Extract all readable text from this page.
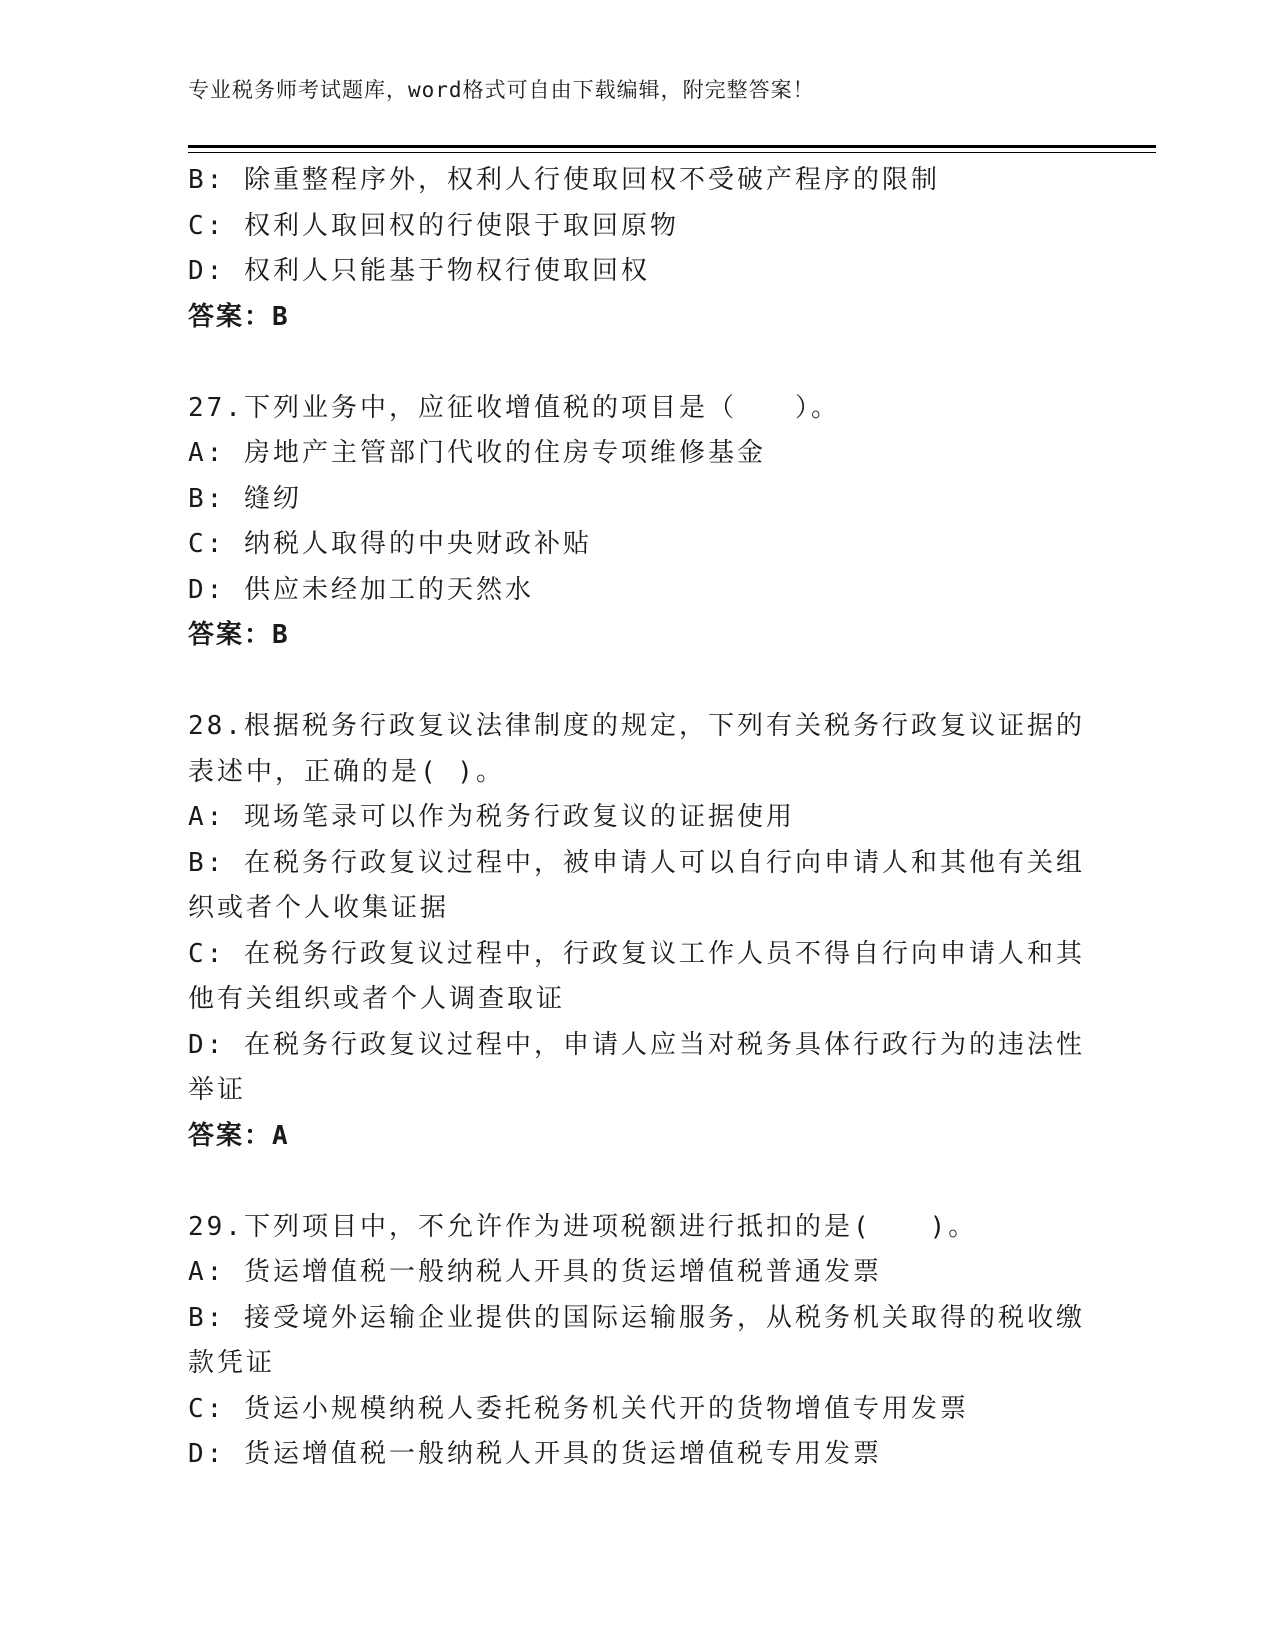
专业税务师考试题库，word格式可自由下载编辑，附完整答案！
B: 除重整程序外，权利人行使取回权不受破产程序的限制
C: 权利人取回权的行使限于取回原物
D: 权利人只能基于物权行使取回权
答案：B
27.下列业务中，应征收增值税的项目是（　　）。
A: 房地产主管部门代收的住房专项维修基金
B: 缝纫
C: 纳税人取得的中央财政补贴
D: 供应未经加工的天然水
答案：B
28.根据税务行政复议法律制度的规定，下列有关税务行政复议证据的
表述中，正确的是( )。
A: 现场笔录可以作为税务行政复议的证据使用
B: 在税务行政复议过程中，被申请人可以自行向申请人和其他有关组
织或者个人收集证据
C: 在税务行政复议过程中，行政复议工作人员不得自行向申请人和其
他有关组织或者个人调查取证
D: 在税务行政复议过程中，申请人应当对税务具体行政行为的违法性
举证
答案：A
29.下列项目中，不允许作为进项税额进行抵扣的是(　　)。
A: 货运增值税一般纳税人开具的货运增值税普通发票
B: 接受境外运输企业提供的国际运输服务，从税务机关取得的税收缴
款凭证
C: 货运小规模纳税人委托税务机关代开的货物增值专用发票
D: 货运增值税一般纳税人开具的货运增值税专用发票
